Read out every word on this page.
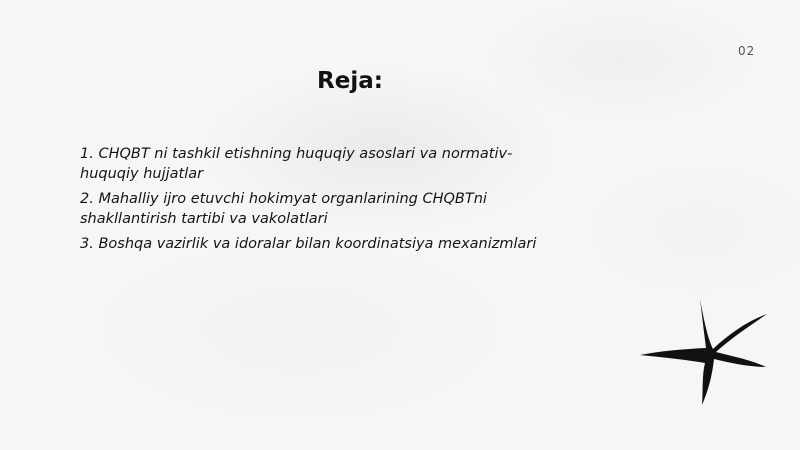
02
Reja:
1. CHQBT ni tashkil etishning huquqiy asoslari va normativ-huquqiy hujjatlar
2. Mahalliy ijro etuvchi hokimyat organlarining CHQBTni shakllantirish tartibi va vakolatlari
3. Boshqa vazirlik va idoralar bilan koordinatsiya mexanizmlari
